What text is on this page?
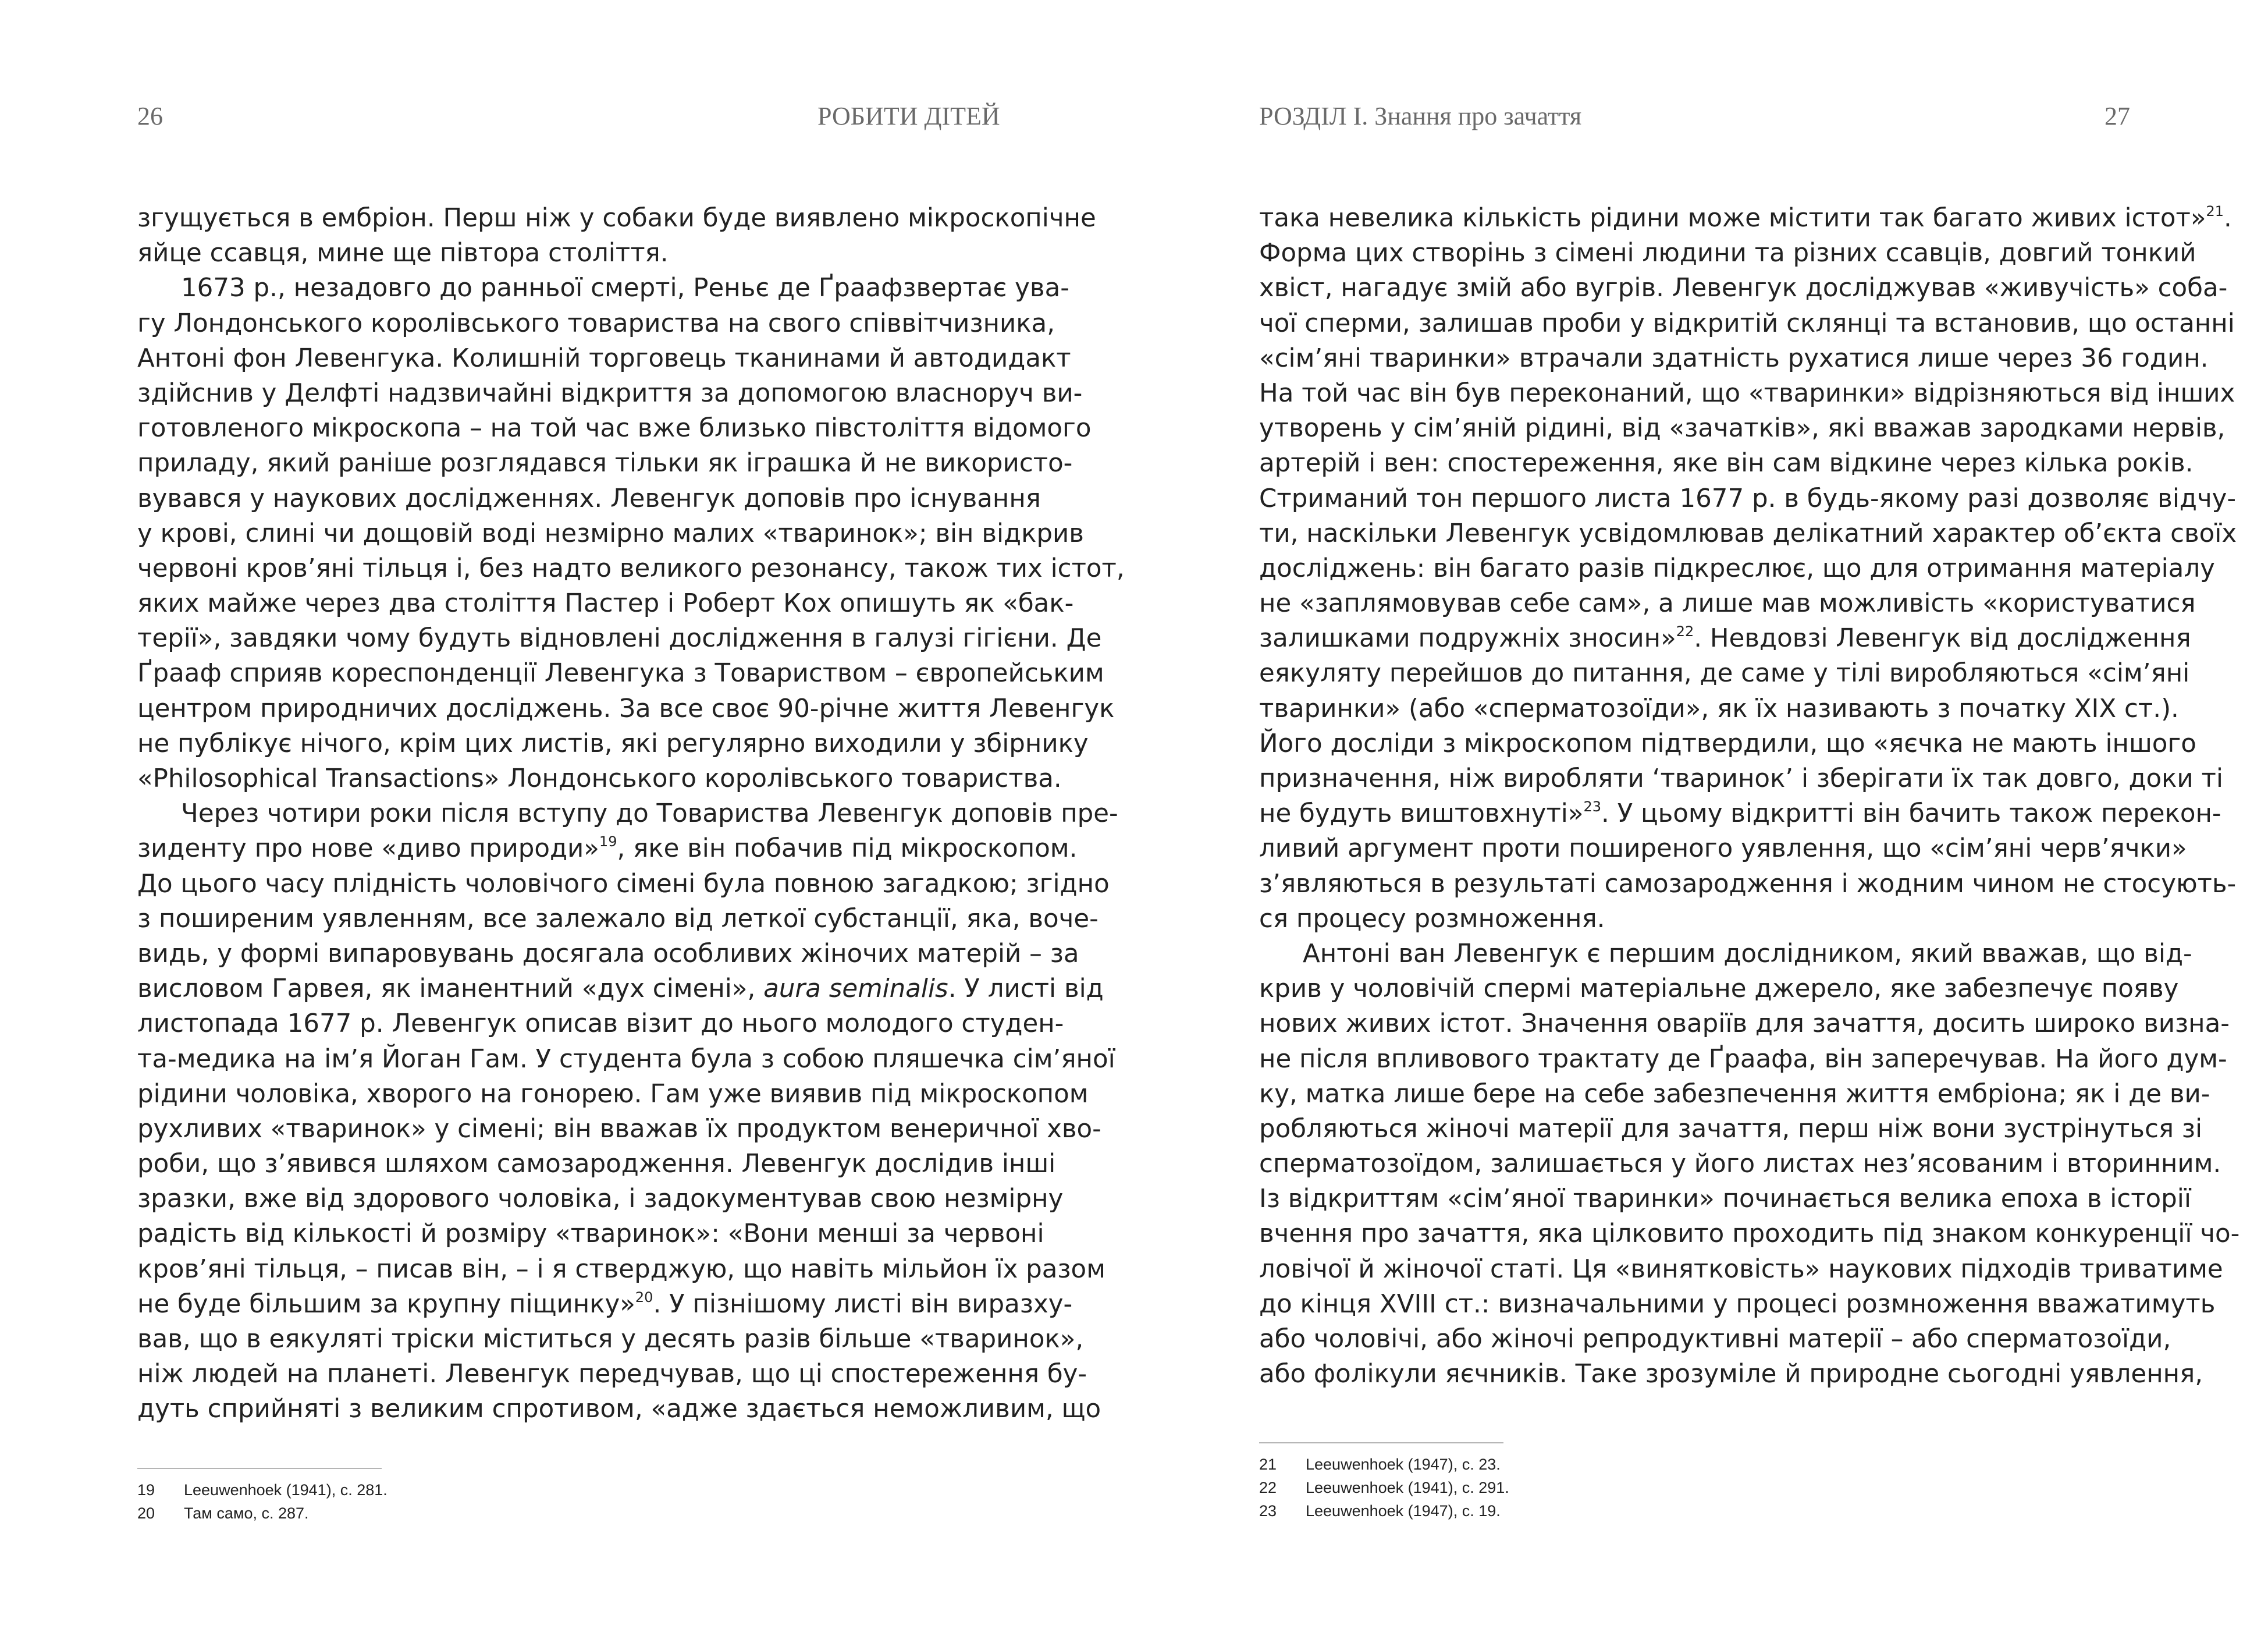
26	РОБИТИ ДІТЕЙ
згущується в ембріон. Перш ніж у собаки буде виявлено мікроскопічне
яйце ссавця, мине ще півтора століття.
1673 р., незадовго до ранньої смерті, Реньє де Ґраафзвертає ува-
гу Лондонського королівського товариства на свого співвітчизника,
Антоні фон Левенгука. Колишній торговець тканинами й автодидакт
здійснив у Делфті надзвичайні відкриття за допомогою власноруч ви-
готовленого мікроскопа – на той час вже близько півстоліття відомого
приладу, який раніше розглядався тільки як іграшка й не використо-
вувався у наукових дослідженнях. Левенгук доповів про існування
у крові, слині чи дощовій воді незмірно малих «тваринок»; він відкрив
червоні кров’яні тільця і, без надто великого резонансу, також тих істот,
яких майже через два століття Пастер і Роберт Кох опишуть як «бак-
терії», завдяки чому будуть відновлені дослідження в галузі гігієни. Де
Ґрааф сприяв кореспонденції Левенгука з Товариством – європейським
центром природничих досліджень. За все своє 90-річне життя Левенгук
не публікує нічого, крім цих листів, які регулярно виходили у збірнику
«Philosophical Transactions» Лондонського королівського товариства.
Через чотири роки після вступу до Товариства Левенгук доповів пре-
зиденту про нове «диво природи»$^{19}$, яке він побачив під мікроскопом.
До цього часу плідність чоловічого сімені була повною загадкою; згідно
з поширеним уявленням, все залежало від леткої субстанції, яка, воче-
видь, у формі випаровувань досягала особливих жіночих матерій – за
висловом Гарвея, як іманентний «дух сімені», aura seminalis. У листі від
листопада 1677 р. Левенгук описав візит до нього молодого студен-
та-медика на ім’я Йоган Гам. У студента була з собою пляшечка сім’яної
рідини чоловіка, хворого на гонорею. Гам уже виявив під мікроскопом
рухливих «тваринок» у сімені; він вважав їх продуктом венеричної хво-
роби, що з’явився шляхом самозародження. Левенгук дослідив інші
зразки, вже від здорового чоловіка, і задокументував свою незмірну
радість від кількості й розміру «тваринок»: «Вони менші за червоні
кров’яні тільця, – писав він, – і я стверджую, що навіть мільйон їх разом
не буде більшим за крупну піщинку»$^{20}$. У пізнішому листі він виразху-
вав, що в еякуляті тріски міститься у десять разів більше «тваринок»,
ніж людей на планеті. Левенгук передчував, що ці спостереження бу-
дуть сприйняті з великим спротивом, «адже здається неможливим, що
19 Leeuwenhoek (1941), с. 281.
20 Там само, с. 287.
РОЗДІЛ І. Знання про зачаття	27
така невелика кількість рідини може містити так багато живих істот»$^{21}$.
Форма цих створінь з сімені людини та різних ссавців, довгий тонкий
хвіст, нагадує змій або вугрів. Левенгук досліджував «живучість» соба-
чої сперми, залишав проби у відкритій склянці та встановив, що останні
«сім’яні тваринки» втрачали здатність рухатися лише через 36 годин.
На той час він був переконаний, що «тваринки» відрізняються від інших
утворень у сім’яній рідині, від «зачатків», які вважав зародками нервів,
артерій і вен: спостереження, яке він сам відкине через кілька років.
Стриманий тон першого листа 1677 р. в будь-якому разі дозволяє відчу-
ти, наскільки Левенгук усвідомлював делікатний характер об’єкта своїх
досліджень: він багато разів підкреслює, що для отримання матеріалу
не «заплямовував себе сам», а лише мав можливість «користуватися
залишками подружніх зносин»$^{22}$. Невдовзі Левенгук від дослідження
еякуляту перейшов до питання, де саме у тілі виробляються «сім’яні
тваринки» (або «сперматозоїди», як їх називають з початку ХІХ ст.).
Його досліди з мікроскопом підтвердили, що «яєчка не мають іншого
призначення, ніж виробляти ‘тваринок’ і зберігати їх так довго, доки ті
не будуть виштовхнуті»$^{23}$. У цьому відкритті він бачить також перекон-
ливий аргумент проти поширеного уявлення, що «сім’яні черв’ячки»
з’являються в результаті самозародження і жодним чином не стосують-
ся процесу розмноження.
Антоні ван Левенгук є першим дослідником, який вважав, що від-
крив у чоловічій спермі матеріальне джерело, яке забезпечує появу
нових живих істот. Значення оваріїв для зачаття, досить широко визна-
не після впливового трактату де Ґраафа, він заперечував. На його дум-
ку, матка лише бере на себе забезпечення життя ембріона; як і де ви-
робляються жіночі матерії для зачаття, перш ніж вони зустрінуться зі
сперматозоїдом, залишається у його листах нез’ясованим і вторинним.
Із відкриттям «сім’яної тваринки» починається велика епоха в історії
вчення про зачаття, яка цілковито проходить під знаком конкуренції чо-
ловічої й жіночої статі. Ця «винятковість» наукових підходів триватиме
до кінця XVIII ст.: визначальними у процесі розмноження вважатимуть
або чоловічі, або жіночі репродуктивні матерії – або сперматозоїди,
або фолікули яєчників. Таке зрозуміле й природне сьогодні уявлення,
21 Leeuwenhoek (1947), с. 23.
22 Leeuwenhoek (1941), с. 291.
23 Leeuwenhoek (1947), с. 19.
